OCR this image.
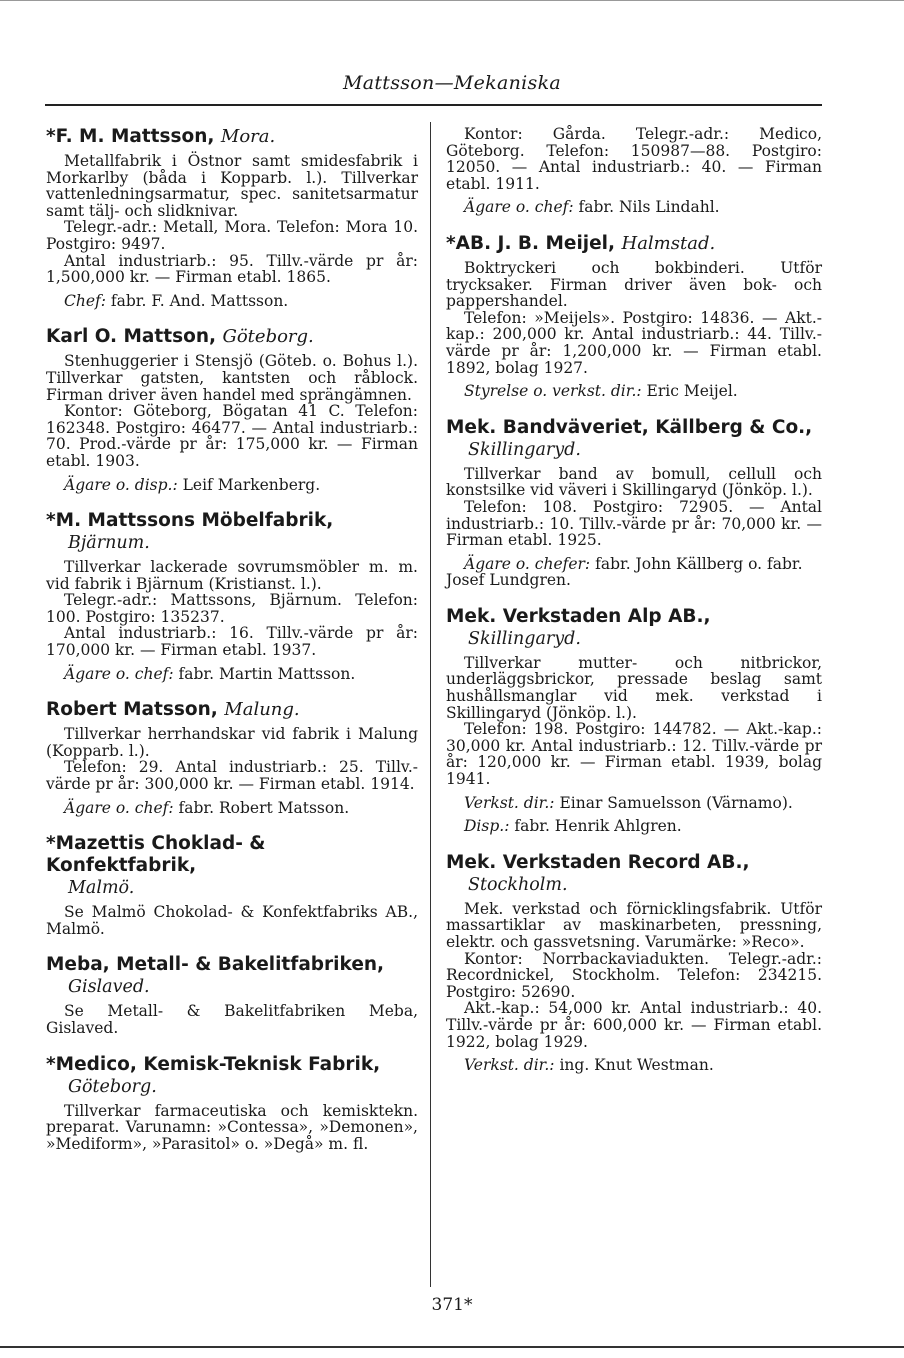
Mattsson—Mekaniska
*F. M. Mattsson, Mora.

Metallfabrik i Östnor samt smidesfabrik i Morkarlby (båda i Kopparb. l.). Tillverkar vattenledningsarmatur, spec. sanitetsarmatur samt tälj- och slidknivar.

Telegr.-adr.: Metall, Mora. Telefon: Mora 10. Postgiro: 9497.

Antal industriarb.: 95. Tillv.-värde pr år: 1,500,000 kr. — Firman etabl. 1865.

Chef: fabr. F. And. Mattsson.

Karl O. Mattson, Göteborg.

Stenhuggerier i Stensjö (Göteb. o. Bohus l.). Tillverkar gatsten, kantsten och råblock. Firman driver även handel med sprängämnen.

Kontor: Göteborg, Bögatan 41 C. Telefon: 162348. Postgiro: 46477. — Antal industriarb.: 70. Prod.-värde pr år: 175,000 kr. — Firman etabl. 1903.

Ägare o. disp.: Leif Markenberg.

*M. Mattssons Möbelfabrik,
Bjärnum.

Tillverkar lackerade sovrumsmöbler m. m. vid fabrik i Bjärnum (Kristianst. l.).

Telegr.-adr.: Mattssons, Bjärnum. Telefon: 100. Postgiro: 135237.

Antal industriarb.: 16. Tillv.-värde pr år: 170,000 kr. — Firman etabl. 1937.

Ägare o. chef: fabr. Martin Mattsson.

Robert Matsson, Malung.

Tillverkar herrhandskar vid fabrik i Malung (Kopparb. l.).

Telefon: 29. Antal industriarb.: 25. Tillv.-värde pr år: 300,000 kr. — Firman etabl. 1914.

Ägare o. chef: fabr. Robert Matsson.

*Mazettis Choklad- & Konfektfabrik,
Malmö.

Se Malmö Chokolad- & Konfektfabriks AB., Malmö.

Meba, Metall- & Bakelitfabriken,
Gislaved.

Se Metall- & Bakelitfabriken Meba, Gislaved.

*Medico, Kemisk-Teknisk Fabrik,
Göteborg.

Tillverkar farmaceutiska och kemisktekn. preparat. Varunamn: »Contessa», »Demonen», »Mediform», »Parasitol» o. »Degå» m. fl.

Kontor: Gårda. Telegr.-adr.: Medico, Göteborg. Telefon: 150987—88. Postgiro: 12050. — Antal industriarb.: 40. — Firman etabl. 1911.

Ägare o. chef: fabr. Nils Lindahl.

*AB. J. B. Meijel, Halmstad.

Boktryckeri och bokbinderi. Utför trycksaker. Firman driver även bok- och pappershandel.

Telefon: »Meijels». Postgiro: 14836. — Akt.-kap.: 200,000 kr. Antal industriarb.: 44. Tillv.-värde pr år: 1,200,000 kr. — Firman etabl. 1892, bolag 1927.

Styrelse o. verkst. dir.: Eric Meijel.

Mek. Bandväveriet, Källberg & Co.,
Skillingaryd.

Tillverkar band av bomull, cellull och konstsilke vid väveri i Skillingaryd (Jönköp. l.).

Telefon: 108. Postgiro: 72905. — Antal industriarb.: 10. Tillv.-värde pr år: 70,000 kr. — Firman etabl. 1925.

Ägare o. chefer: fabr. John Källberg o. fabr. Josef Lundgren.

Mek. Verkstaden Alp AB.,
Skillingaryd.

Tillverkar mutter- och nitbrickor, underläggsbrickor, pressade beslag samt hushållsmanglar vid mek. verkstad i Skillingaryd (Jönköp. l.).

Telefon: 198. Postgiro: 144782. — Akt.-kap.: 30,000 kr. Antal industriarb.: 12. Tillv.-värde pr år: 120,000 kr. — Firman etabl. 1939, bolag 1941.

Verkst. dir.: Einar Samuelsson (Värnamo).

Disp.: fabr. Henrik Ahlgren.

Mek. Verkstaden Record AB.,
Stockholm.

Mek. verkstad och förnicklingsfabrik. Utför massartiklar av maskinarbeten, pressning, elektr. och gassvetsning. Varumärke: »Reco».

Kontor: Norrbackaviadukten. Telegr.-adr.: Recordnickel, Stockholm. Telefon: 234215. Postgiro: 52690.

Akt.-kap.: 54,000 kr. Antal industriarb.: 40. Tillv.-värde pr år: 600,000 kr. — Firman etabl. 1922, bolag 1929.

Verkst. dir.: ing. Knut Westman.

371*
